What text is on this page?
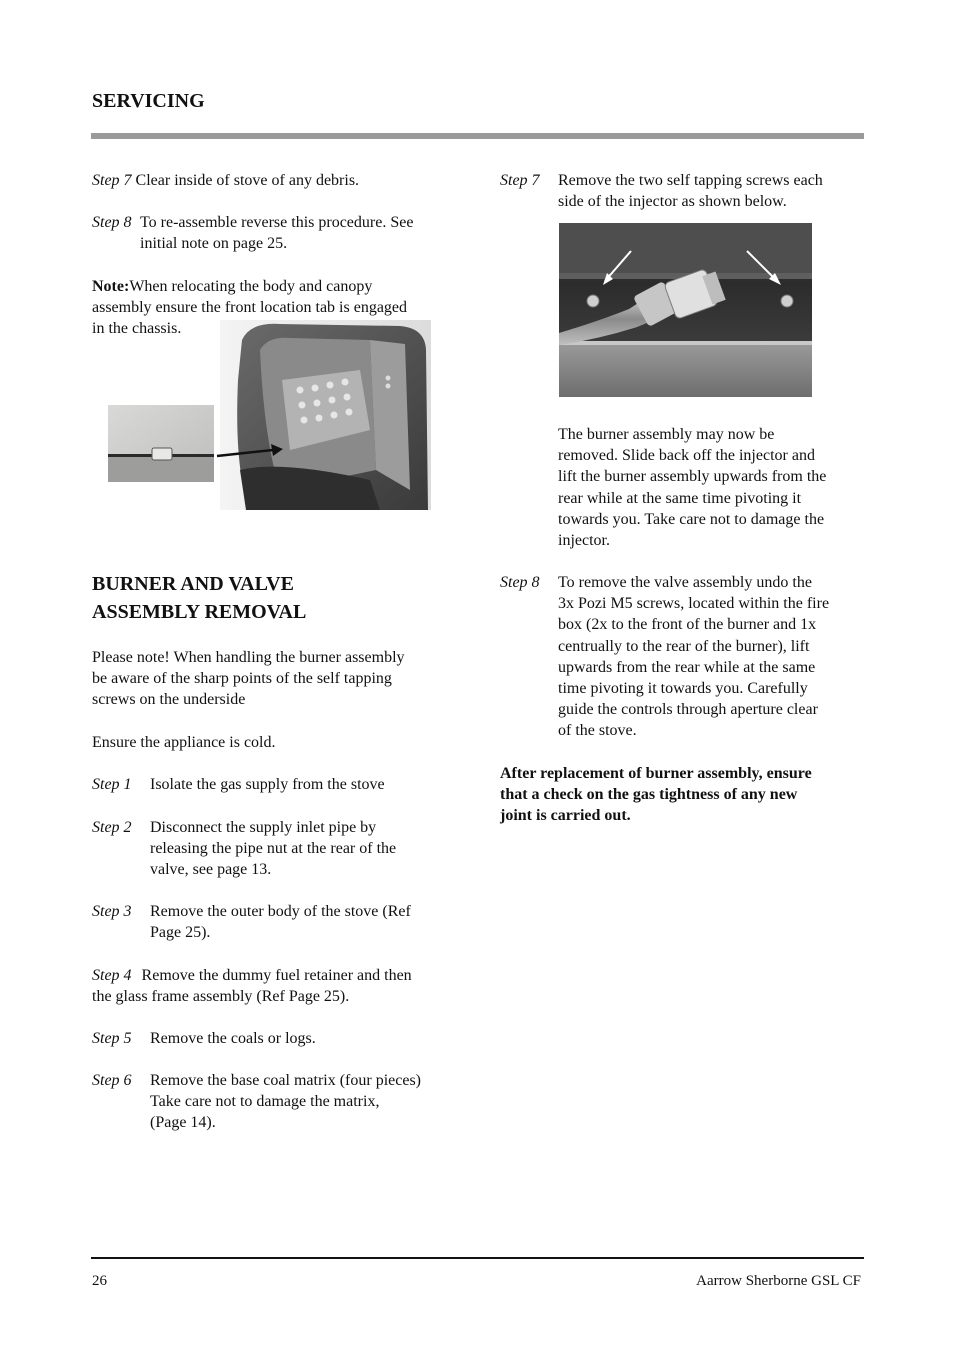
SERVICING
Step 7 Clear inside of stove of any debris.
Step 8 To re-assemble reverse this procedure. See
initial note on page 25.
Note:When relocating the body and canopy
assembly ensure the front location tab is engaged
in the chassis.
BURNER AND VALVE
ASSEMBLY REMOVAL
Please note! When handling the burner assembly
be aware of the sharp points of the self tapping
screws on the underside
Ensure the appliance is cold.
Step 1 Isolate the gas supply from the stove
Step 2 Disconnect the supply inlet pipe by
releasing the pipe nut at the rear of the
valve, see page 13.
Step 3 Remove the outer body of the stove (Ref
Page 25).
Step 4 Remove the dummy fuel retainer and then
the glass frame assembly (Ref Page 25).
Step 5 Remove the coals or logs.
Step 6 Remove the base coal matrix (four pieces)
Take care not to damage the matrix,
(Page 14).
Step 7 Remove the two self tapping screws each
side of the injector as shown below.
The burner assembly may now be
removed. Slide back off the injector and
lift the burner assembly upwards from the
rear while at the same time pivoting it
towards you. Take care not to damage the
injector.
Step 8 To remove the valve assembly undo the
3x Pozi M5 screws, located within the fire
box (2x to the front of the burner and 1x
centrually to the rear of the burner), lift
upwards from the rear while at the same
time pivoting it towards you. Carefully
guide the controls through aperture clear
of the stove.
After replacement of burner assembly, ensure
that a check on the gas tightness of any new
joint is carried out.
26	Aarrow Sherborne GSL CF
